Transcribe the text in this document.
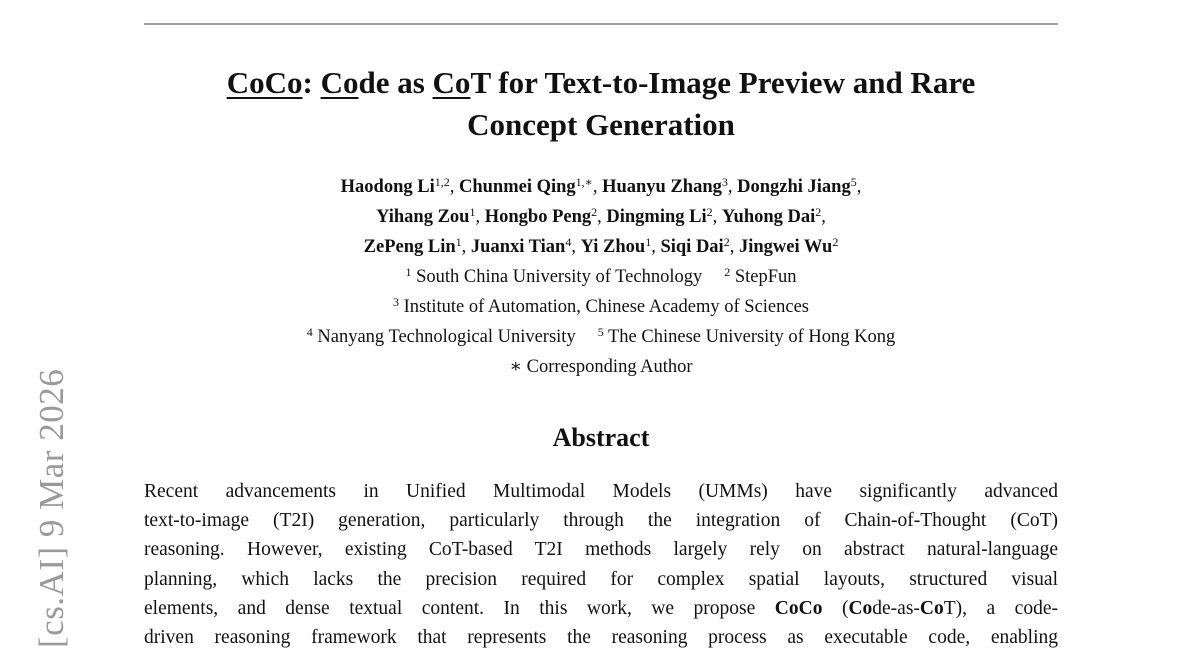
[cs.AI] 9 Mar 2026
CoCo: Code as CoT for Text-to-Image Preview and Rare
Concept Generation
Haodong Li$^{1,2}$, Chunmei Qing$^{1,∗}$, Huanyu Zhang$^3$, Dongzhi Jiang$^5$,
Yihang Zou$^1$, Hongbo Peng$^2$, Dingming Li$^2$, Yuhong Dai$^2$,
ZePeng Lin$^1$, Juanxi Tian$^4$, Yi Zhou$^1$, Siqi Dai$^2$, Jingwei Wu$^2$
$^1$ South China University of Technology $^2$ StepFun
$^3$ Institute of Automation, Chinese Academy of Sciences
$^4$ Nanyang Technological University $^5$ The Chinese University of Hong Kong
∗ Corresponding Author
Abstract
Recent advancements in Unified Multimodal Models (UMMs) have significantly advanced
text-to-image (T2I) generation, particularly through the integration of Chain-of-Thought (CoT)
reasoning. However, existing CoT-based T2I methods largely rely on abstract natural-language
planning, which lacks the precision required for complex spatial layouts, structured visual
elements, and dense textual content. In this work, we propose CoCo (Code-as-CoT), a code-
driven reasoning framework that represents the reasoning process as executable code, enabling
